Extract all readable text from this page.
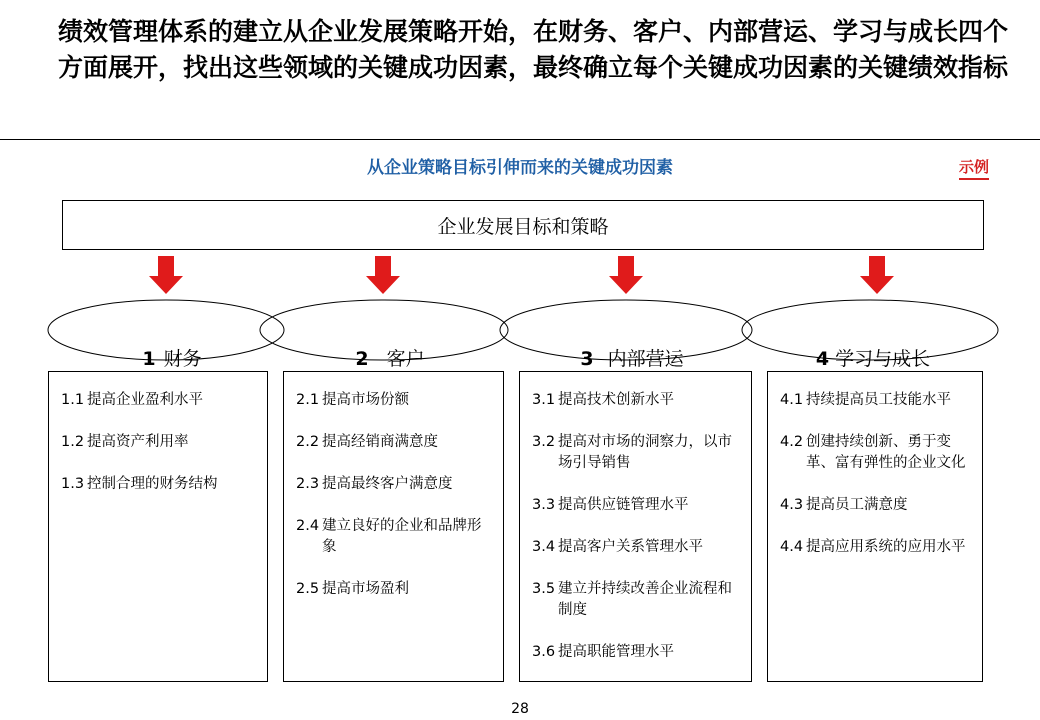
绩效管理体系的建立从企业发展策略开始，在财务、客户、内部营运、学习与成长四个方面展开，找出这些领域的关键成功因素，最终确立每个关键成功因素的关键绩效指标
从企业策略目标引伸而来的关键成功因素	示例
企业发展目标和策略

1 财务	2 客户	3 内部营运	4 学习与成长

1.1 提高企业盈利水平
1.2 提高资产利用率
1.3 控制合理的财务结构
2.1 提高市场份额
2.2 提高经销商满意度
2.3 提高最终客户满意度
2.4 建立良好的企业和品牌形象
2.5 提高市场盈利
3.1 提高技术创新水平
3.2 提高对市场的洞察力，以市场引导销售
3.3 提高供应链管理水平
3.4 提高客户关系管理水平
3.5 建立并持续改善企业流程和制度
3.6 提高职能管理水平
4.1 持续提高员工技能水平
4.2 创建持续创新、勇于变革、富有弹性的企业文化
4.3 提高员工满意度
4.4 提高应用系统的应用水平
28
